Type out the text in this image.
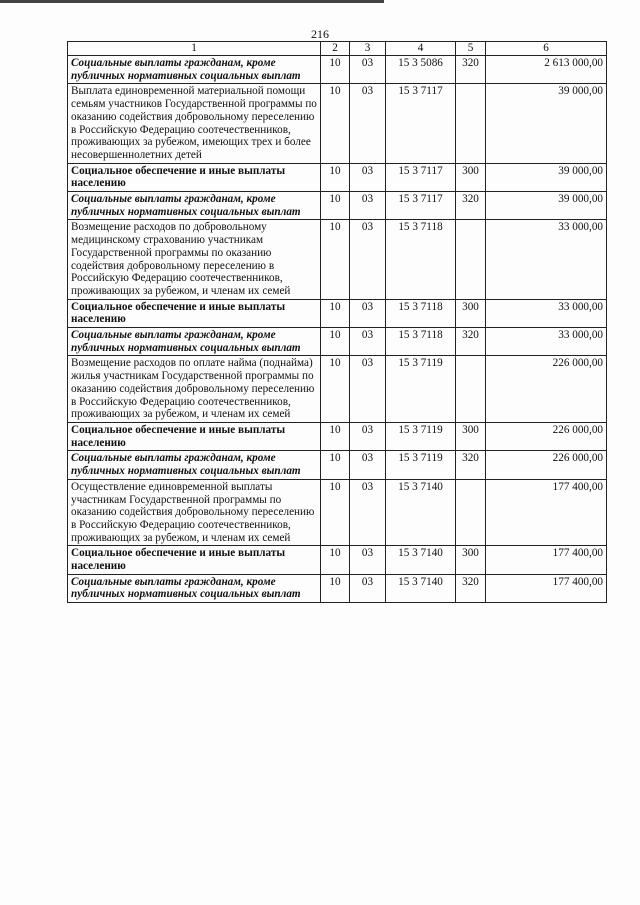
216
1	2	3	4	5	6
Социальные выплаты гражданам, кроме публичных нормативных социальных выплат	10	03	15 3 5086	320	2 613 000,00
Выплата единовременной материальной помощи семьям участников Государственной программы по оказанию содействия добровольному переселению в Российскую Федерацию соотечественников, проживающих за рубежом, имеющих трех и более несовершеннолетних детей	10	03	15 3 7117		39 000,00
Социальное обеспечение и иные выплаты населению	10	03	15 3 7117	300	39 000,00
Социальные выплаты гражданам, кроме публичных нормативных социальных выплат	10	03	15 3 7117	320	39 000,00
Возмещение расходов по добровольному медицинскому страхованию участникам Государственной программы по оказанию содействия добровольному переселению в Российскую Федерацию соотечественников, проживающих за рубежом, и членам их семей	10	03	15 3 7118		33 000,00
Социальное обеспечение и иные выплаты населению	10	03	15 3 7118	300	33 000,00
Социальные выплаты гражданам, кроме публичных нормативных социальных выплат	10	03	15 3 7118	320	33 000,00
Возмещение расходов по оплате найма (поднайма) жилья участникам Государственной программы по оказанию содействия добровольному переселению в Российскую Федерацию соотечественников, проживающих за рубежом, и членам их семей	10	03	15 3 7119		226 000,00
Социальное обеспечение и иные выплаты населению	10	03	15 3 7119	300	226 000,00
Социальные выплаты гражданам, кроме публичных нормативных социальных выплат	10	03	15 3 7119	320	226 000,00
Осуществление единовременной выплаты участникам Государственной программы по оказанию содействия добровольному переселению в Российскую Федерацию соотечественников, проживающих за рубежом, и членам их семей	10	03	15 3 7140		177 400,00
Социальное обеспечение и иные выплаты населению	10	03	15 3 7140	300	177 400,00
Социальные выплаты гражданам, кроме публичных нормативных социальных выплат	10	03	15 3 7140	320	177 400,00
